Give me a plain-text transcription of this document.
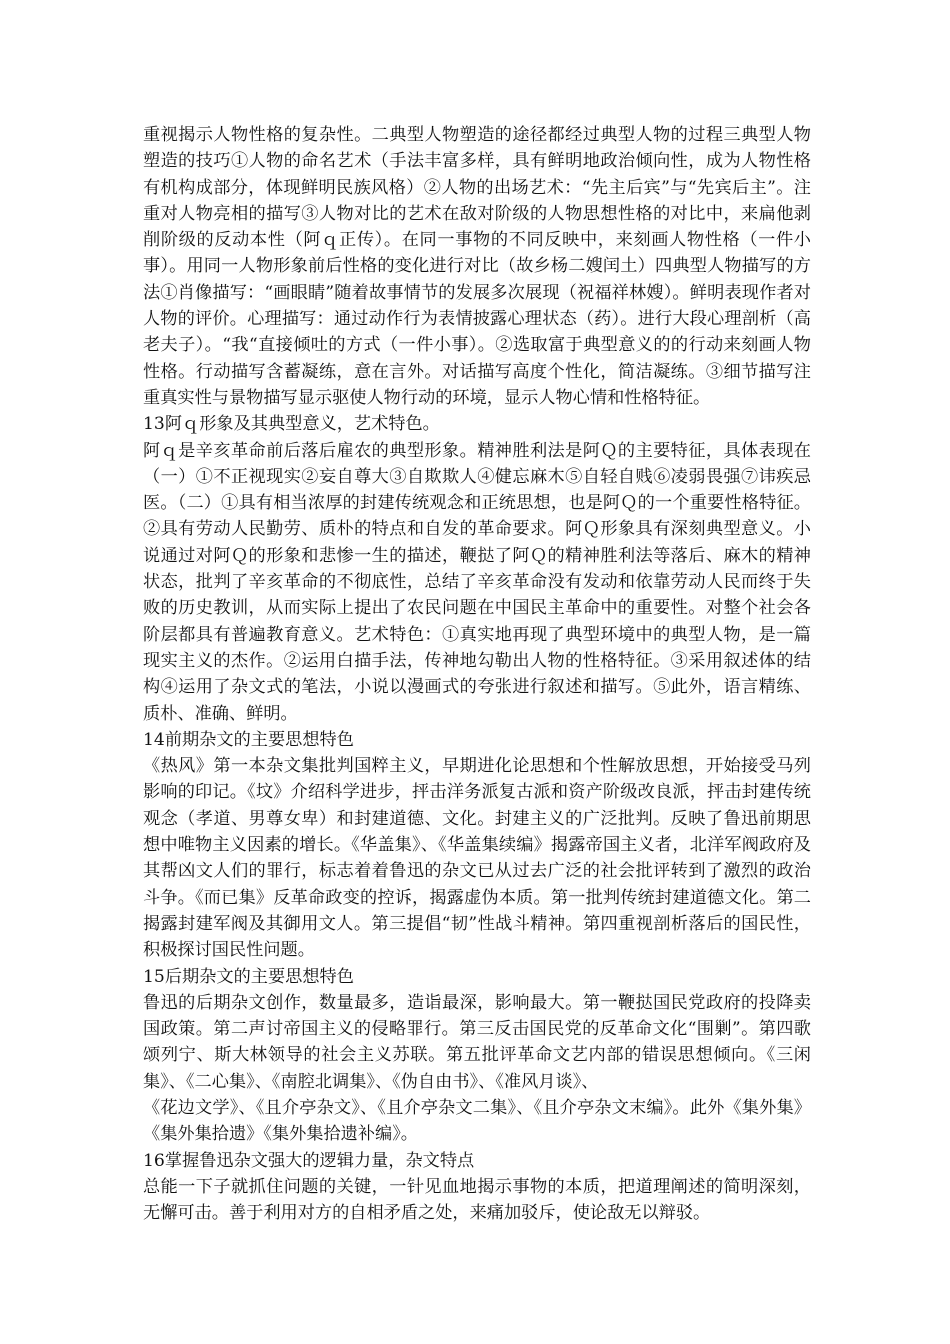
重视揭示人物性格的复杂性。二典型人物塑造的途径都经过典型人物的过程三典型人物塑造的技巧①人物的命名艺术（手法丰富多样，具有鲜明地政治倾向性，成为人物性格有机构成部分，体现鲜明民族风格）②人物的出场艺术：“先主后宾”与“先宾后主”。注重对人物亮相的描写③人物对比的艺术在敌对阶级的人物思想性格的对比中，来扁他剥削阶级的反动本性（阿ｑ正传）。在同一事物的不同反映中，来刻画人物性格（一件小事）。用同一人物形象前后性格的变化进行对比（故乡杨二嫂闰土）四典型人物描写的方法①肖像描写：“画眼睛”随着故事情节的发展多次展现（祝福祥林嫂）。鲜明表现作者对人物的评价。心理描写：通过动作行为表情披露心理状态（药）。进行大段心理剖析（高老夫子）。“我“直接倾吐的方式（一件小事）。②选取富于典型意义的的行动来刻画人物性格。行动描写含蓄凝练，意在言外。对话描写高度个性化，简洁凝练。③细节描写注重真实性与景物描写显示驱使人物行动的环境，显示人物心情和性格特征。

13阿ｑ形象及其典型意义，艺术特色。

阿ｑ是辛亥革命前后落后雇农的典型形象。精神胜利法是阿Ｑ的主要特征，具体表现在（一）①不正视现实②妄自尊大③自欺欺人④健忘麻木⑤自轻自贱⑥凌弱畏强⑦讳疾忌医。（二）①具有相当浓厚的封建传统观念和正统思想，也是阿Ｑ的一个重要性格特征。②具有劳动人民勤劳、质朴的特点和自发的革命要求。阿Ｑ形象具有深刻典型意义。小说通过对阿Ｑ的形象和悲惨一生的描述，鞭挞了阿Ｑ的精神胜利法等落后、麻木的精神状态，批判了辛亥革命的不彻底性，总结了辛亥革命没有发动和依靠劳动人民而终于失败的历史教训，从而实际上提出了农民问题在中国民主革命中的重要性。对整个社会各阶层都具有普遍教育意义。艺术特色：①真实地再现了典型环境中的典型人物，是一篇现实主义的杰作。②运用白描手法，传神地勾勒出人物的性格特征。③采用叙述体的结构④运用了杂文式的笔法，小说以漫画式的夸张进行叙述和描写。⑤此外，语言精练、质朴、准确、鲜明。

14前期杂文的主要思想特色

《热风》第一本杂文集批判国粹主义，早期进化论思想和个性解放思想，开始接受马列影响的印记。《坟》介绍科学进步，抨击洋务派复古派和资产阶级改良派，抨击封建传统观念（孝道、男尊女卑）和封建道德、文化。封建主义的广泛批判。反映了鲁迅前期思想中唯物主义因素的增长。《华盖集》、《华盖集续编》揭露帝国主义者，北洋军阀政府及其帮凶文人们的罪行，标志着着鲁迅的杂文已从过去广泛的社会批评转到了激烈的政治斗争。《而已集》反革命政变的控诉，揭露虚伪本质。第一批判传统封建道德文化。第二揭露封建军阀及其御用文人。第三提倡“韧”性战斗精神。第四重视剖析落后的国民性，积极探讨国民性问题。

15后期杂文的主要思想特色

鲁迅的后期杂文创作，数量最多，造诣最深，影响最大。第一鞭挞国民党政府的投降卖国政策。第二声讨帝国主义的侵略罪行。第三反击国民党的反革命文化“围剿”。第四歌颂列宁、斯大林领导的社会主义苏联。第五批评革命文艺内部的错误思想倾向。《三闲集》、《二心集》、《南腔北调集》、《伪自由书》、《准风月谈》、

《花边文学》、《且介亭杂文》、《且介亭杂文二集》、《且介亭杂文末编》。此外《集外集》《集外集拾遗》《集外集拾遗补编》。

16掌握鲁迅杂文强大的逻辑力量，杂文特点

总能一下子就抓住问题的关键，一针见血地揭示事物的本质，把道理阐述的简明深刻，无懈可击。善于利用对方的自相矛盾之处，来痛加驳斥，使论敌无以辩驳。
